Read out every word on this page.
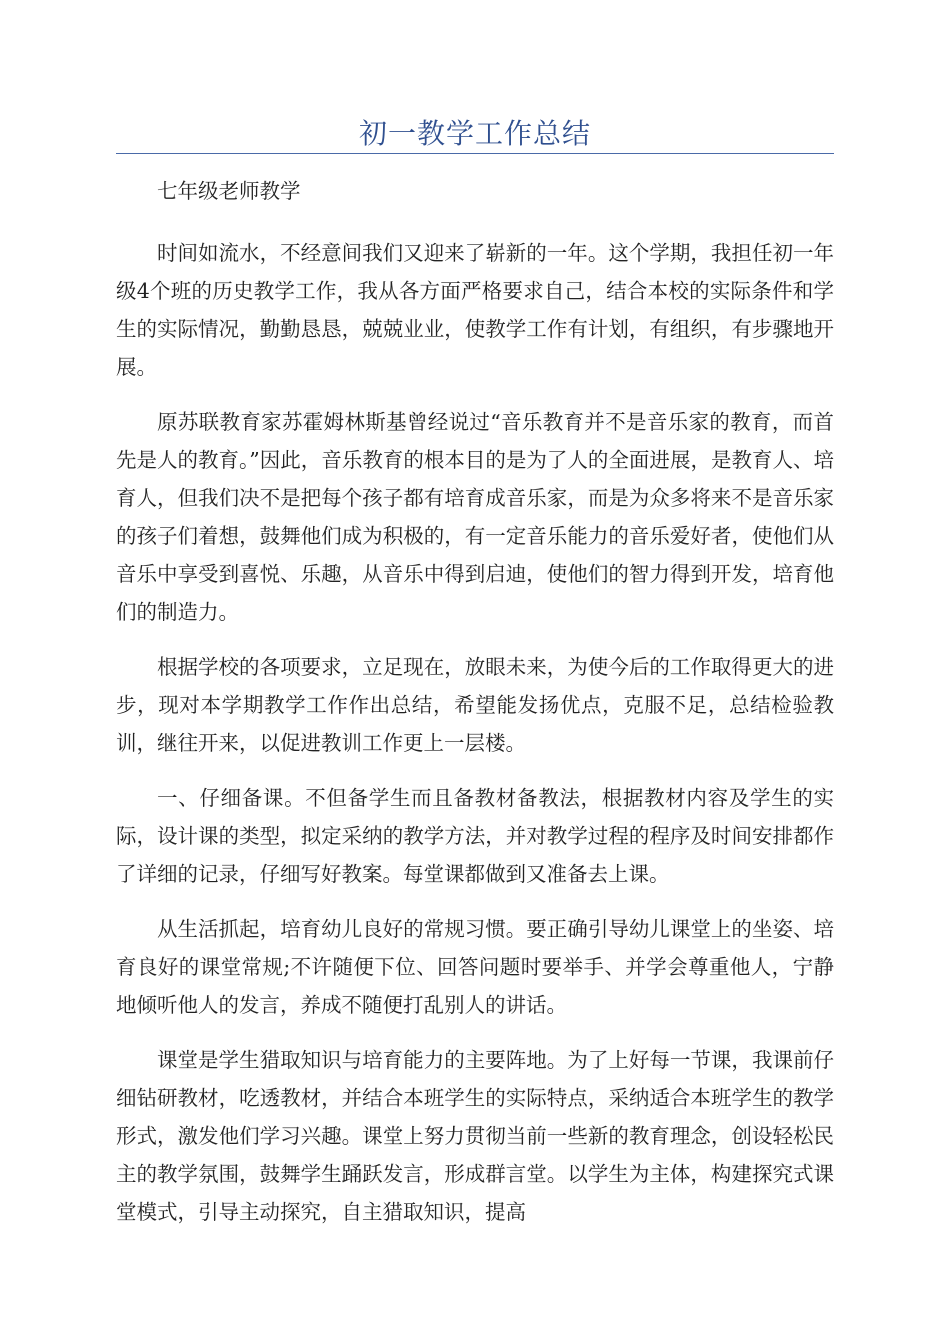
初一教学工作总结

七年级老师教学

时间如流水，不经意间我们又迎来了崭新的一年。这个学期，我担任初一年级4个班的历史教学工作，我从各方面严格要求自己，结合本校的实际条件和学生的实际情况，勤勤恳恳，兢兢业业，使教学工作有计划，有组织，有步骤地开展。

原苏联教育家苏霍姆林斯基曾经说过“音乐教育并不是音乐家的教育，而首先是人的教育。”因此，音乐教育的根本目的是为了人的全面进展，是教育人、培育人，但我们决不是把每个孩子都有培育成音乐家，而是为众多将来不是音乐家的孩子们着想，鼓舞他们成为积极的，有一定音乐能力的音乐爱好者，使他们从音乐中享受到喜悦、乐趣，从音乐中得到启迪，使他们的智力得到开发，培育他们的制造力。

根据学校的各项要求，立足现在，放眼未来，为使今后的工作取得更大的进步，现对本学期教学工作作出总结，希望能发扬优点，克服不足，总结检验教训，继往开来，以促进教训工作更上一层楼。

一、仔细备课。不但备学生而且备教材备教法，根据教材内容及学生的实际，设计课的类型，拟定采纳的教学方法，并对教学过程的程序及时间安排都作了详细的记录，仔细写好教案。每堂课都做到又准备去上课。

从生活抓起，培育幼儿良好的常规习惯。要正确引导幼儿课堂上的坐姿、培育良好的课堂常规;不许随便下位、回答问题时要举手、并学会尊重他人，宁静地倾听他人的发言，养成不随便打乱别人的讲话。

课堂是学生猎取知识与培育能力的主要阵地。为了上好每一节课，我课前仔细钻研教材，吃透教材，并结合本班学生的实际特点，采纳适合本班学生的教学形式，激发他们学习兴趣。课堂上努力贯彻当前一些新的教育理念，创设轻松民主的教学氛围，鼓舞学生踊跃发言，形成群言堂。以学生为主体，构建探究式课堂模式，引导主动探究，自主猎取知识，提高
